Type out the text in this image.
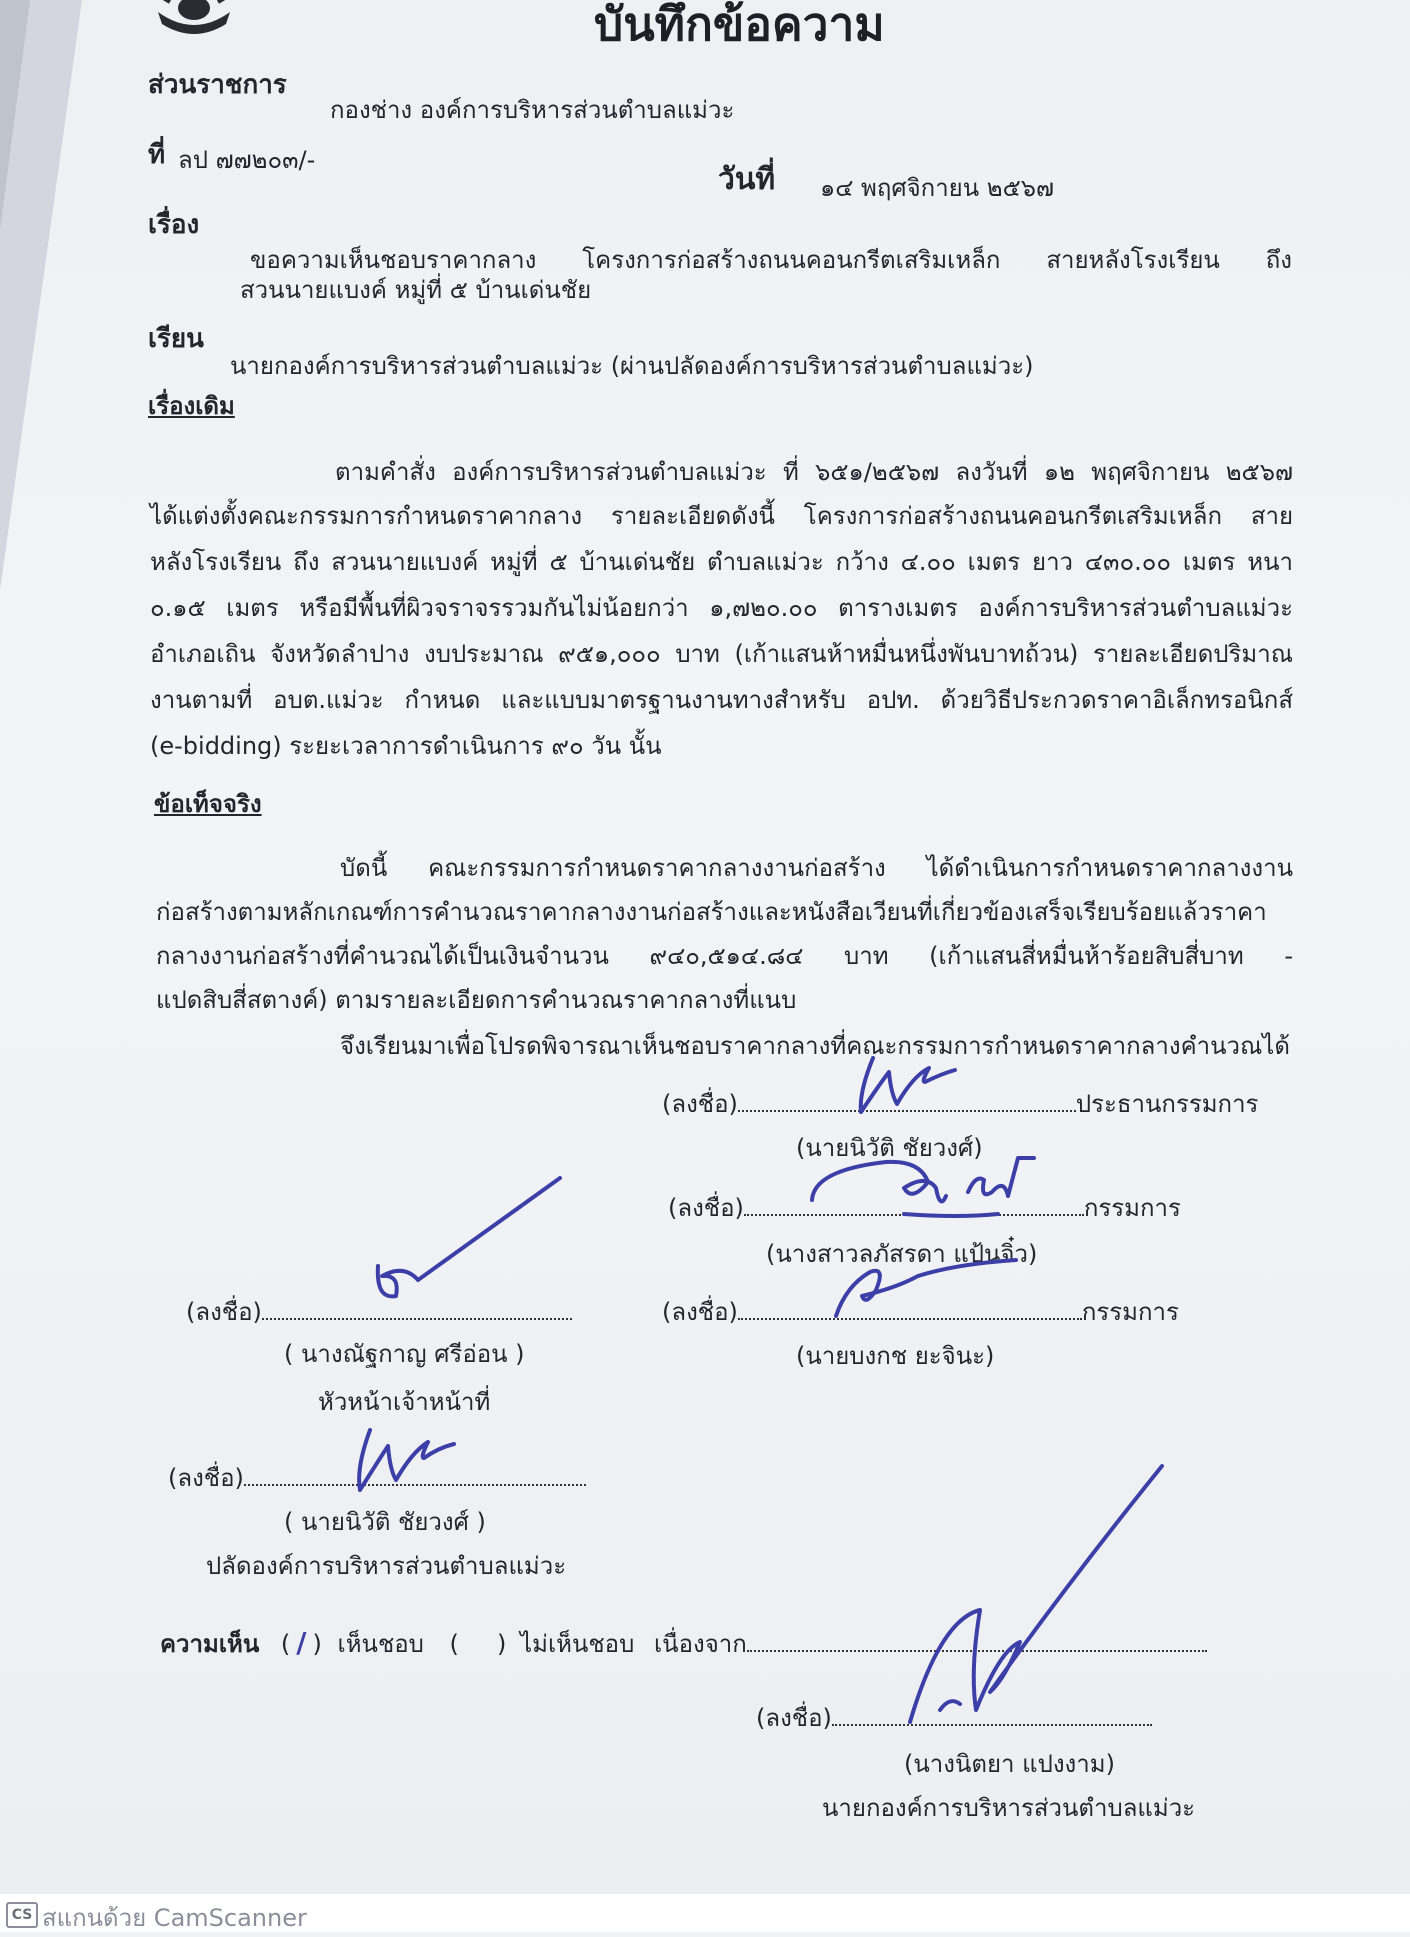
บันทึกข้อความ
ส่วนราชการ
กองช่าง องค์การบริหารส่วนตำบลแม่วะ
ที่ ลป ๗๗๒๐๓/-
วันที่ ๑๔ พฤศจิกายน ๒๕๖๗
เรื่อง
ขอความเห็นชอบราคากลาง โครงการก่อสร้างถนนคอนกรีตเสริมเหล็ก สายหลังโรงเรียน ถึง
สวนนายแบงค์ หมู่ที่ ๕ บ้านเด่นชัย
เรียน
นายกองค์การบริหารส่วนตำบลแม่วะ (ผ่านปลัดองค์การบริหารส่วนตำบลแม่วะ)
เรื่องเดิม
ตามคำสั่ง องค์การบริหารส่วนตำบลแม่วะ ที่ ๖๕๑/๒๕๖๗ ลงวันที่ ๑๒ พฤศจิกายน ๒๕๖๗
ได้แต่งตั้งคณะกรรมการกำหนดราคากลาง รายละเอียดดังนี้ โครงการก่อสร้างถนนคอนกรีตเสริมเหล็ก สาย
หลังโรงเรียน ถึง สวนนายแบงค์ หมู่ที่ ๕ บ้านเด่นชัย ตำบลแม่วะ กว้าง ๔.๐๐ เมตร ยาว ๔๓๐.๐๐ เมตร หนา
๐.๑๕ เมตร หรือมีพื้นที่ผิวจราจรรวมกันไม่น้อยกว่า ๑,๗๒๐.๐๐ ตารางเมตร องค์การบริหารส่วนตำบลแม่วะ
อำเภอเถิน จังหวัดลำปาง งบประมาณ ๙๕๑,๐๐๐ บาท (เก้าแสนห้าหมื่นหนึ่งพันบาทถ้วน) รายละเอียดปริมาณ
งานตามที่ อบต.แม่วะ กำหนด และแบบมาตรฐานงานทางสำหรับ อปท. ด้วยวิธีประกวดราคาอิเล็กทรอนิกส์
(e-bidding) ระยะเวลาการดำเนินการ ๙๐ วัน นั้น
ข้อเท็จจริง
บัดนี้ คณะกรรมการกำหนดราคากลางงานก่อสร้าง ได้ดำเนินการกำหนดราคากลางงาน
ก่อสร้างตามหลักเกณฑ์การคำนวณราคากลางงานก่อสร้างและหนังสือเวียนที่เกี่ยวข้องเสร็จเรียบร้อยแล้วราคา
กลางงานก่อสร้างที่คำนวณได้เป็นเงินจำนวน ๙๔๐,๕๑๔.๘๔ บาท (เก้าแสนสี่หมื่นห้าร้อยสิบสี่บาท -
แปดสิบสี่สตางค์) ตามรายละเอียดการคำนวณราคากลางที่แนบ
จึงเรียนมาเพื่อโปรดพิจารณาเห็นชอบราคากลางที่คณะกรรมการกำหนดราคากลางคำนวณได้
(ลงชื่อ)	ประธานกรรมการ
(นายนิวัติ ชัยวงศ์)
(ลงชื่อ)	กรรมการ
(นางสาวลภัสรดา แป้นจิ๋ว)
(ลงชื่อ)
( นางณัฐกาญ ศรีอ่อน )
หัวหน้าเจ้าหน้าที่
(ลงชื่อ)	กรรมการ
(นายบงกช ยะจินะ)
(ลงชื่อ)
( นายนิวัติ ชัยวงศ์ )
ปลัดองค์การบริหารส่วนตำบลแม่วะ
ความเห็น ( / ) เห็นชอบ (     ) ไม่เห็นชอบ เนื่องจาก
(ลงชื่อ)
(นางนิตยา แปงงาม)
นายกองค์การบริหารส่วนตำบลแม่วะ
CS สแกนด้วย CamScanner
